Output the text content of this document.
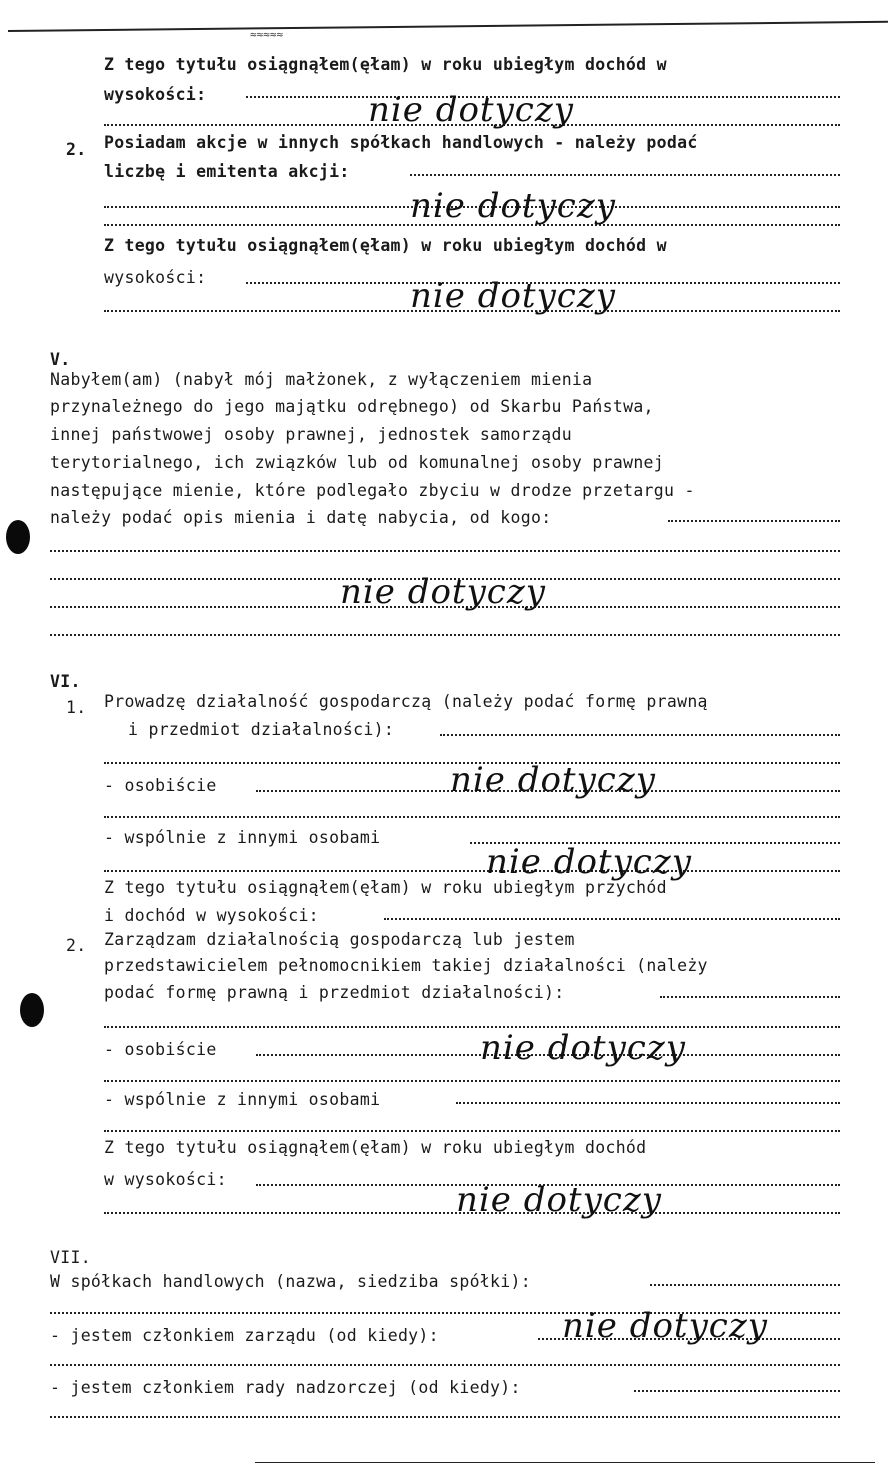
≈≈≈≈≈
Z tego tytułu osiągnąłem(ęłam) w roku ubiegłym dochód w
wysokości:	nie dotyczy
2. Posiadam akcje w innych spółkach handlowych - należy podać
liczbę i emitenta akcji:
nie dotyczy
Z tego tytułu osiągnąłem(ęłam) w roku ubiegłym dochód w
wysokości:	nie dotyczy
V.
Nabyłem(am) (nabył mój małżonek, z wyłączeniem mienia
przynależnego do jego majątku odrębnego) od Skarbu Państwa,
innej państwowej osoby prawnej, jednostek samorządu
terytorialnego, ich związków lub od komunalnej osoby prawnej
następujące mienie, które podlegało zbyciu w drodze przetargu -
należy podać opis mienia i datę nabycia, od kogo:
nie dotyczy
VI.
1. Prowadzę działalność gospodarczą (należy podać formę prawną
i przedmiot działalności):
- osobiście	nie dotyczy
- wspólnie z innymi osobami
nie dotyczy
Z tego tytułu osiągnąłem(ęłam) w roku ubiegłym przychód
i dochód w wysokości:
2. Zarządzam działalnością gospodarczą lub jestem
przedstawicielem pełnomocnikiem takiej działalności (należy
podać formę prawną i przedmiot działalności):
- osobiście	nie dotyczy
- wspólnie z innymi osobami
Z tego tytułu osiągnąłem(ęłam) w roku ubiegłym dochód
w wysokości:
nie dotyczy
VII.
W spółkach handlowych (nazwa, siedziba spółki):
- jestem członkiem zarządu (od kiedy):	nie dotyczy
- jestem członkiem rady nadzorczej (od kiedy):
